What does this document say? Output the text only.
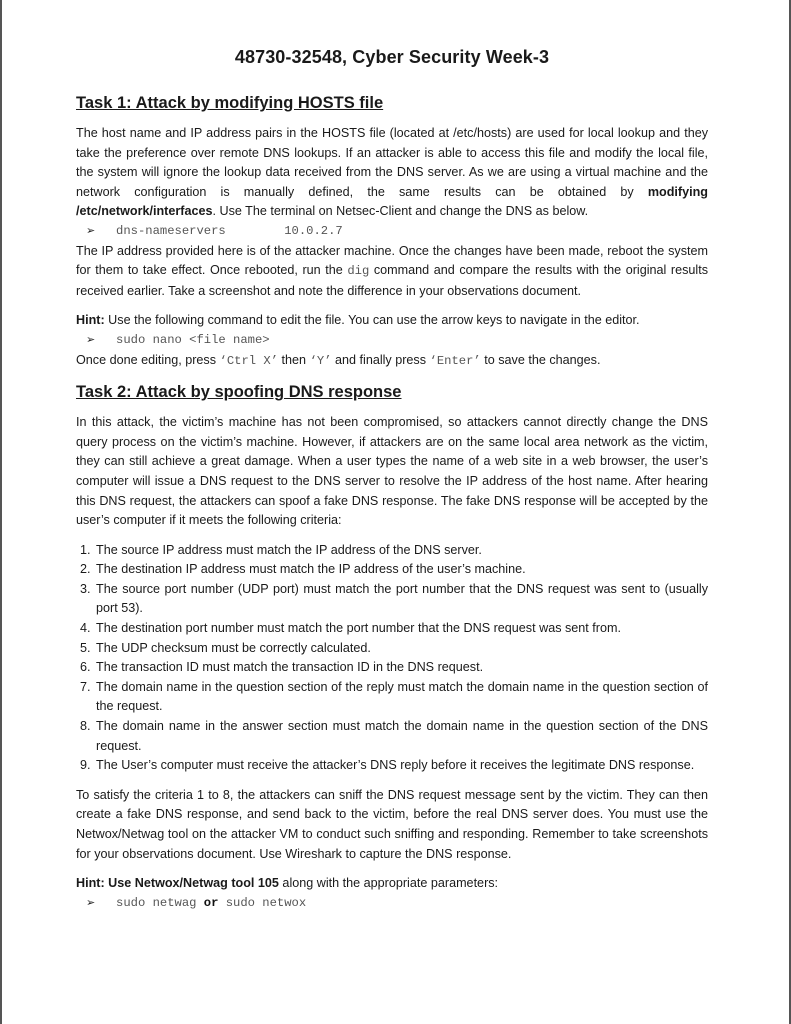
48730-32548, Cyber Security Week-3
Task 1: Attack by modifying HOSTS file

The host name and IP address pairs in the HOSTS file (located at /etc/hosts) are used for local lookup and they take the preference over remote DNS lookups. If an attacker is able to access this file and modify the local file, the system will ignore the lookup data received from the DNS server. As we are using a virtual machine and the network configuration is manually defined, the same results can be obtained by modifying /etc/network/interfaces. Use The terminal on Netsec-Client and change the DNS as below.

➢	dns-nameservers        10.0.2.7

The IP address provided here is of the attacker machine. Once the changes have been made, reboot the system for them to take effect. Once rebooted, run the dig command and compare the results with the original results received earlier. Take a screenshot and note the difference in your observations document.

Hint: Use the following command to edit the file. You can use the arrow keys to navigate in the editor.

➢	sudo nano <file name>

Once done editing, press ‘Ctrl X’ then ‘Y’ and finally press ‘Enter’ to save the changes.

Task 2: Attack by spoofing DNS response

In this attack, the victim’s machine has not been compromised, so attackers cannot directly change the DNS query process on the victim’s machine. However, if attackers are on the same local area network as the victim, they can still achieve a great damage. When a user types the name of a web site in a web browser, the user’s computer will issue a DNS request to the DNS server to resolve the IP address of the host name. After hearing this DNS request, the attackers can spoof a fake DNS response. The fake DNS response will be accepted by the user’s computer if it meets the following criteria:

1. The source IP address must match the IP address of the DNS server.
2. The destination IP address must match the IP address of the user’s machine.
3. The source port number (UDP port) must match the port number that the DNS request was sent to (usually port 53).
4. The destination port number must match the port number that the DNS request was sent from.
5. The UDP checksum must be correctly calculated.
6. The transaction ID must match the transaction ID in the DNS request.
7. The domain name in the question section of the reply must match the domain name in the question section of the request.
8. The domain name in the answer section must match the domain name in the question section of the DNS request.
9. The User’s computer must receive the attacker’s DNS reply before it receives the legitimate DNS response.

To satisfy the criteria 1 to 8, the attackers can sniff the DNS request message sent by the victim. They can then create a fake DNS response, and send back to the victim, before the real DNS server does. You must use the Netwox/Netwag tool on the attacker VM to conduct such sniffing and responding. Remember to take screenshots for your observations document. Use Wireshark to capture the DNS response.

Hint: Use Netwox/Netwag tool 105 along with the appropriate parameters:

➢	sudo netwag or sudo netwox
